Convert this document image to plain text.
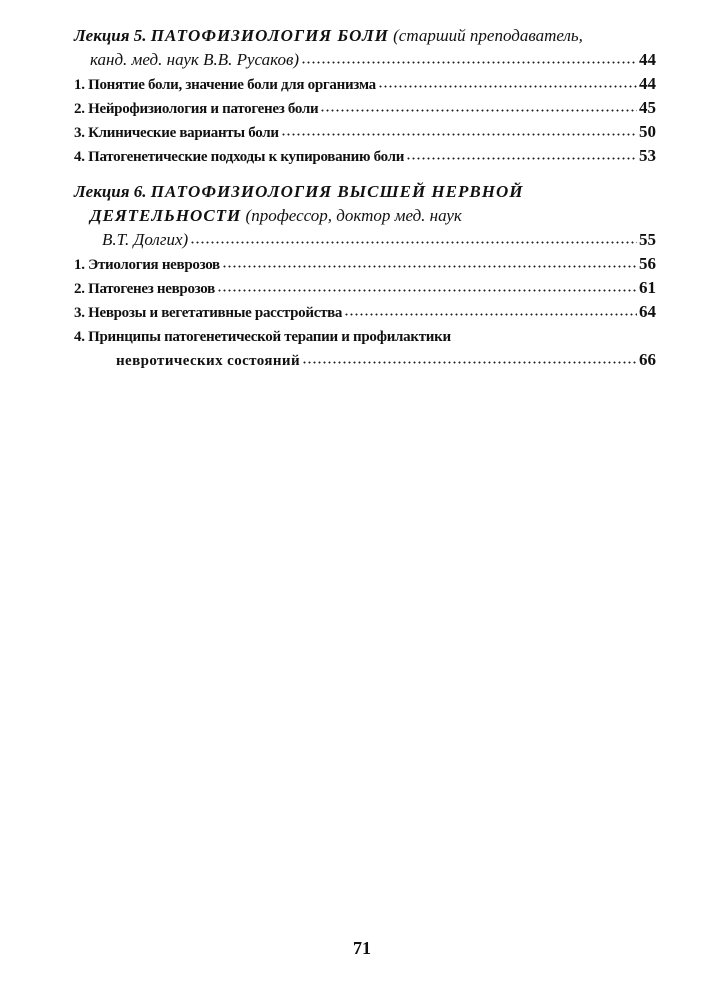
Лекция 5. ПАТОФИЗИОЛОГИЯ БОЛИ (старший преподаватель,
канд. мед. наук В.В. Русаков)	44
1. Понятие боли, значение боли для организма	44
2. Нейрофизиология и патогенез боли	45
3. Клинические варианты боли	50
4. Патогенетические подходы к купированию боли	53
Лекция 6. ПАТОФИЗИОЛОГИЯ ВЫСШЕЙ НЕРВНОЙ
ДЕЯТЕЛЬНОСТИ (профессор, доктор мед. наук
В.Т. Долгих)	55
1. Этиология неврозов	56
2. Патогенез неврозов	61
3. Неврозы и вегетативные расстройства	64
4. Принципы патогенетической терапии и профилактики
невротических состояний	66
71
